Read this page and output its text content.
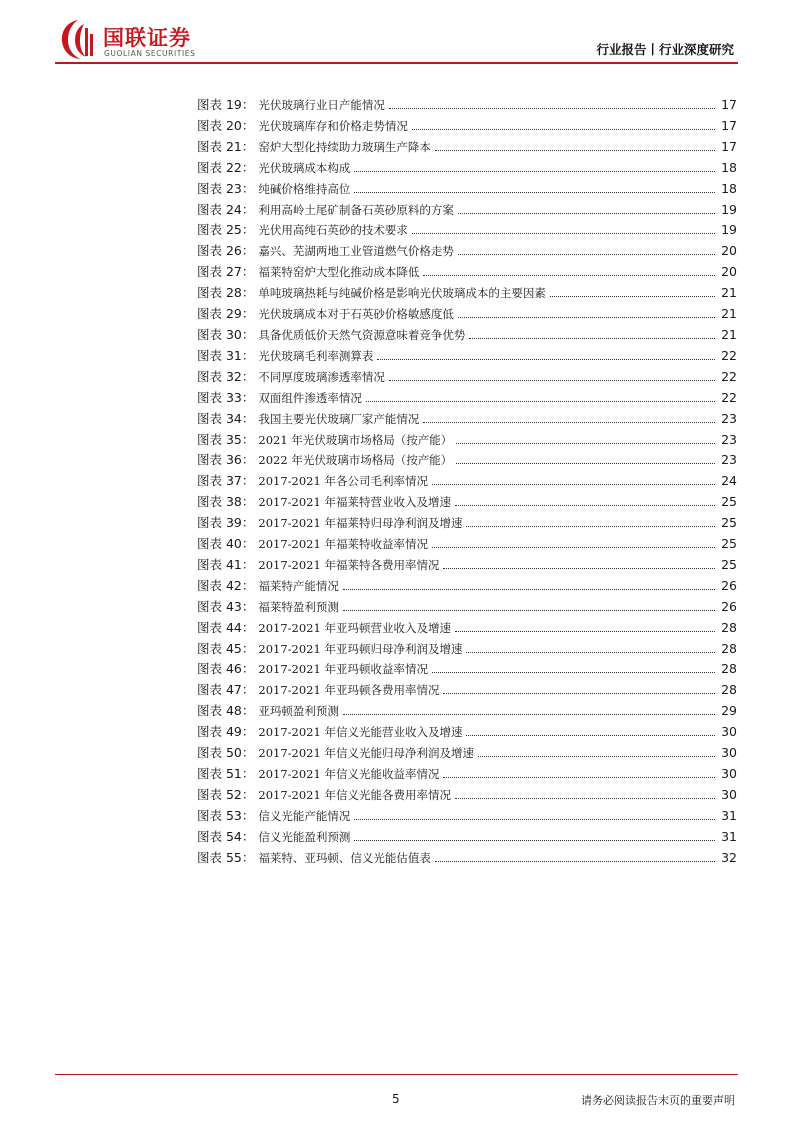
国联证券
GUOLIAN SECURITIES	行业报告丨行业深度研究
图表 19： 光伏玻璃行业日产能情况	17
图表 20： 光伏玻璃库存和价格走势情况	17
图表 21： 窑炉大型化持续助力玻璃生产降本	17
图表 22： 光伏玻璃成本构成	18
图表 23： 纯碱价格维持高位	18
图表 24： 利用高岭土尾矿制备石英砂原料的方案	19
图表 25： 光伏用高纯石英砂的技术要求	19
图表 26： 嘉兴、芜湖两地工业管道燃气价格走势	20
图表 27： 福莱特窑炉大型化推动成本降低	20
图表 28： 单吨玻璃热耗与纯碱价格是影响光伏玻璃成本的主要因素	21
图表 29： 光伏玻璃成本对于石英砂价格敏感度低	21
图表 30： 具备优质低价天然气资源意味着竞争优势	21
图表 31： 光伏玻璃毛利率测算表	22
图表 32： 不同厚度玻璃渗透率情况	22
图表 33： 双面组件渗透率情况	22
图表 34： 我国主要光伏玻璃厂家产能情况	23
图表 35： 2021 年光伏玻璃市场格局（按产能）	23
图表 36： 2022 年光伏玻璃市场格局（按产能）	23
图表 37： 2017-2021 年各公司毛利率情况	24
图表 38： 2017-2021 年福莱特营业收入及增速	25
图表 39： 2017-2021 年福莱特归母净利润及增速	25
图表 40： 2017-2021 年福莱特收益率情况	25
图表 41： 2017-2021 年福莱特各费用率情况	25
图表 42： 福莱特产能情况	26
图表 43： 福莱特盈利预测	26
图表 44： 2017-2021 年亚玛顿营业收入及增速	28
图表 45： 2017-2021 年亚玛顿归母净利润及增速	28
图表 46： 2017-2021 年亚玛顿收益率情况	28
图表 47： 2017-2021 年亚玛顿各费用率情况	28
图表 48： 亚玛顿盈利预测	29
图表 49： 2017-2021 年信义光能营业收入及增速	30
图表 50： 2017-2021 年信义光能归母净利润及增速	30
图表 51： 2017-2021 年信义光能收益率情况	30
图表 52： 2017-2021 年信义光能各费用率情况	30
图表 53： 信义光能产能情况	31
图表 54： 信义光能盈利预测	31
图表 55： 福莱特、亚玛顿、信义光能估值表	32
5	请务必阅读报告末页的重要声明
